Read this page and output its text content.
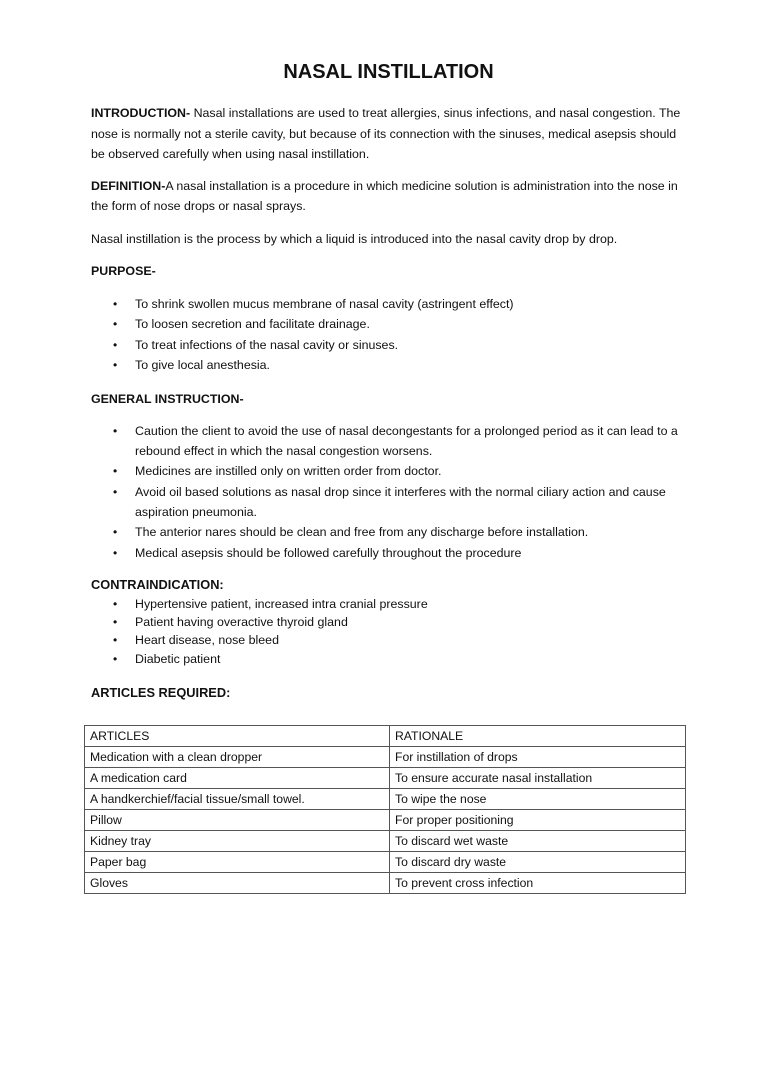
NASAL INSTILLATION

INTRODUCTION- Nasal installations are used to treat allergies, sinus infections, and nasal congestion. The nose is normally not a sterile cavity, but because of its connection with the sinuses, medical asepsis should be observed carefully when using nasal instillation.

DEFINITION-A nasal installation is a procedure in which medicine solution is administration into the nose in the form of nose drops or nasal sprays.

Nasal instillation is the process by which a liquid is introduced into the nasal cavity drop by drop.

PURPOSE-

• To shrink swollen mucus membrane of nasal cavity (astringent effect)
• To loosen secretion and facilitate drainage.
• To treat infections of the nasal cavity or sinuses.
• To give local anesthesia.

GENERAL INSTRUCTION-

• Caution the client to avoid the use of nasal decongestants for a prolonged period as it can lead to a rebound effect in which the nasal congestion worsens.
• Medicines are instilled only on written order from doctor.
• Avoid oil based solutions as nasal drop since it interferes with the normal ciliary action and cause aspiration pneumonia.
• The anterior nares should be clean and free from any discharge before installation.
• Medical asepsis should be followed carefully throughout the procedure

CONTRAINDICATION:

• Hypertensive patient, increased intra cranial pressure
• Patient having overactive thyroid gland
• Heart disease, nose bleed
• Diabetic patient

ARTICLES REQUIRED:

ARTICLES	RATIONALE
Medication with a clean dropper	For instillation of drops
A medication card	To ensure accurate nasal installation
A handkerchief/facial tissue/small towel.	To wipe the nose
Pillow	For proper positioning
Kidney tray	To discard wet waste
Paper bag	To discard dry waste
Gloves	To prevent cross infection
